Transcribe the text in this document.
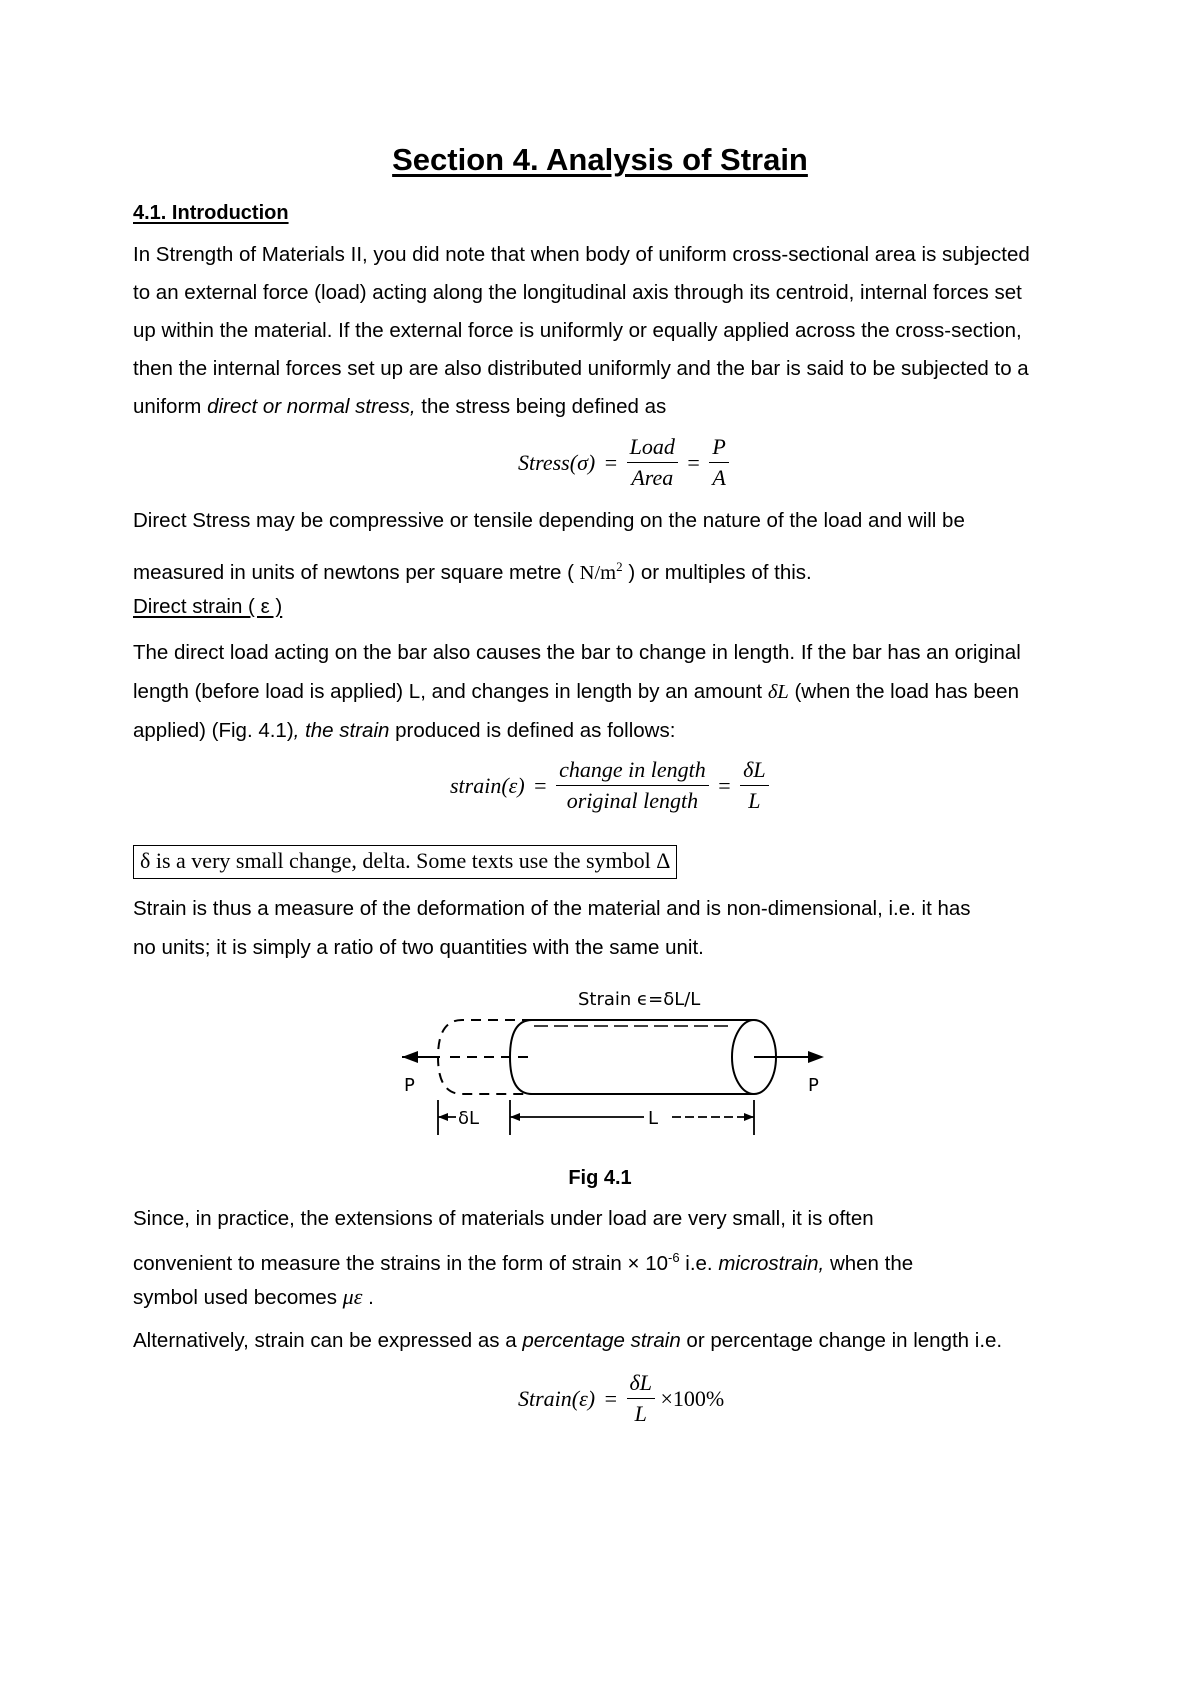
Section 4. Analysis of Strain
4.1. Introduction
In Strength of Materials II, you did note that when body of uniform cross-sectional area is subjected
to an external force (load) acting along the longitudinal axis through its centroid, internal forces set
up within the material. If the external force is uniformly or equally applied across the cross-section,
then the internal forces set up are also distributed uniformly and the bar is said to be subjected to a
uniform direct or normal stress, the stress being defined as
Stress(σ) = $\frac{\text{Load}}{\text{Area}} = \frac{P}{A}$
Direct Stress may be compressive or tensile depending on the nature of the load and will be
measured in units of newtons per square metre ( $N/m^2$ ) or multiples of this.
Direct strain ( ε )
The direct load acting on the bar also causes the bar to change in length. If the bar has an original
length (before load is applied) L, and changes in length by an amount δL (when the load has been
applied) (Fig. 4.1), the strain produced is defined as follows:
strain(ε) = $\frac{\text{change in length}}{\text{original length}} = \frac{\delta L}{L}$
δ is a very small change, delta. Some texts use the symbol Δ
Strain is thus a measure of the deformation of the material and is non-dimensional, i.e. it has
no units; it is simply a ratio of two quantities with the same unit.
Strain ϵ=δL/L
P	P
δL	L
Fig 4.1
Since, in practice, the extensions of materials under load are very small, it is often
convenient to measure the strains in the form of strain × $10^{-6}$ i.e. microstrain, when the
symbol used becomes με .
Alternatively, strain can be expressed as a percentage strain or percentage change in length i.e.
Strain(ε) = $\frac{\delta L}{L} \times 100\%$
